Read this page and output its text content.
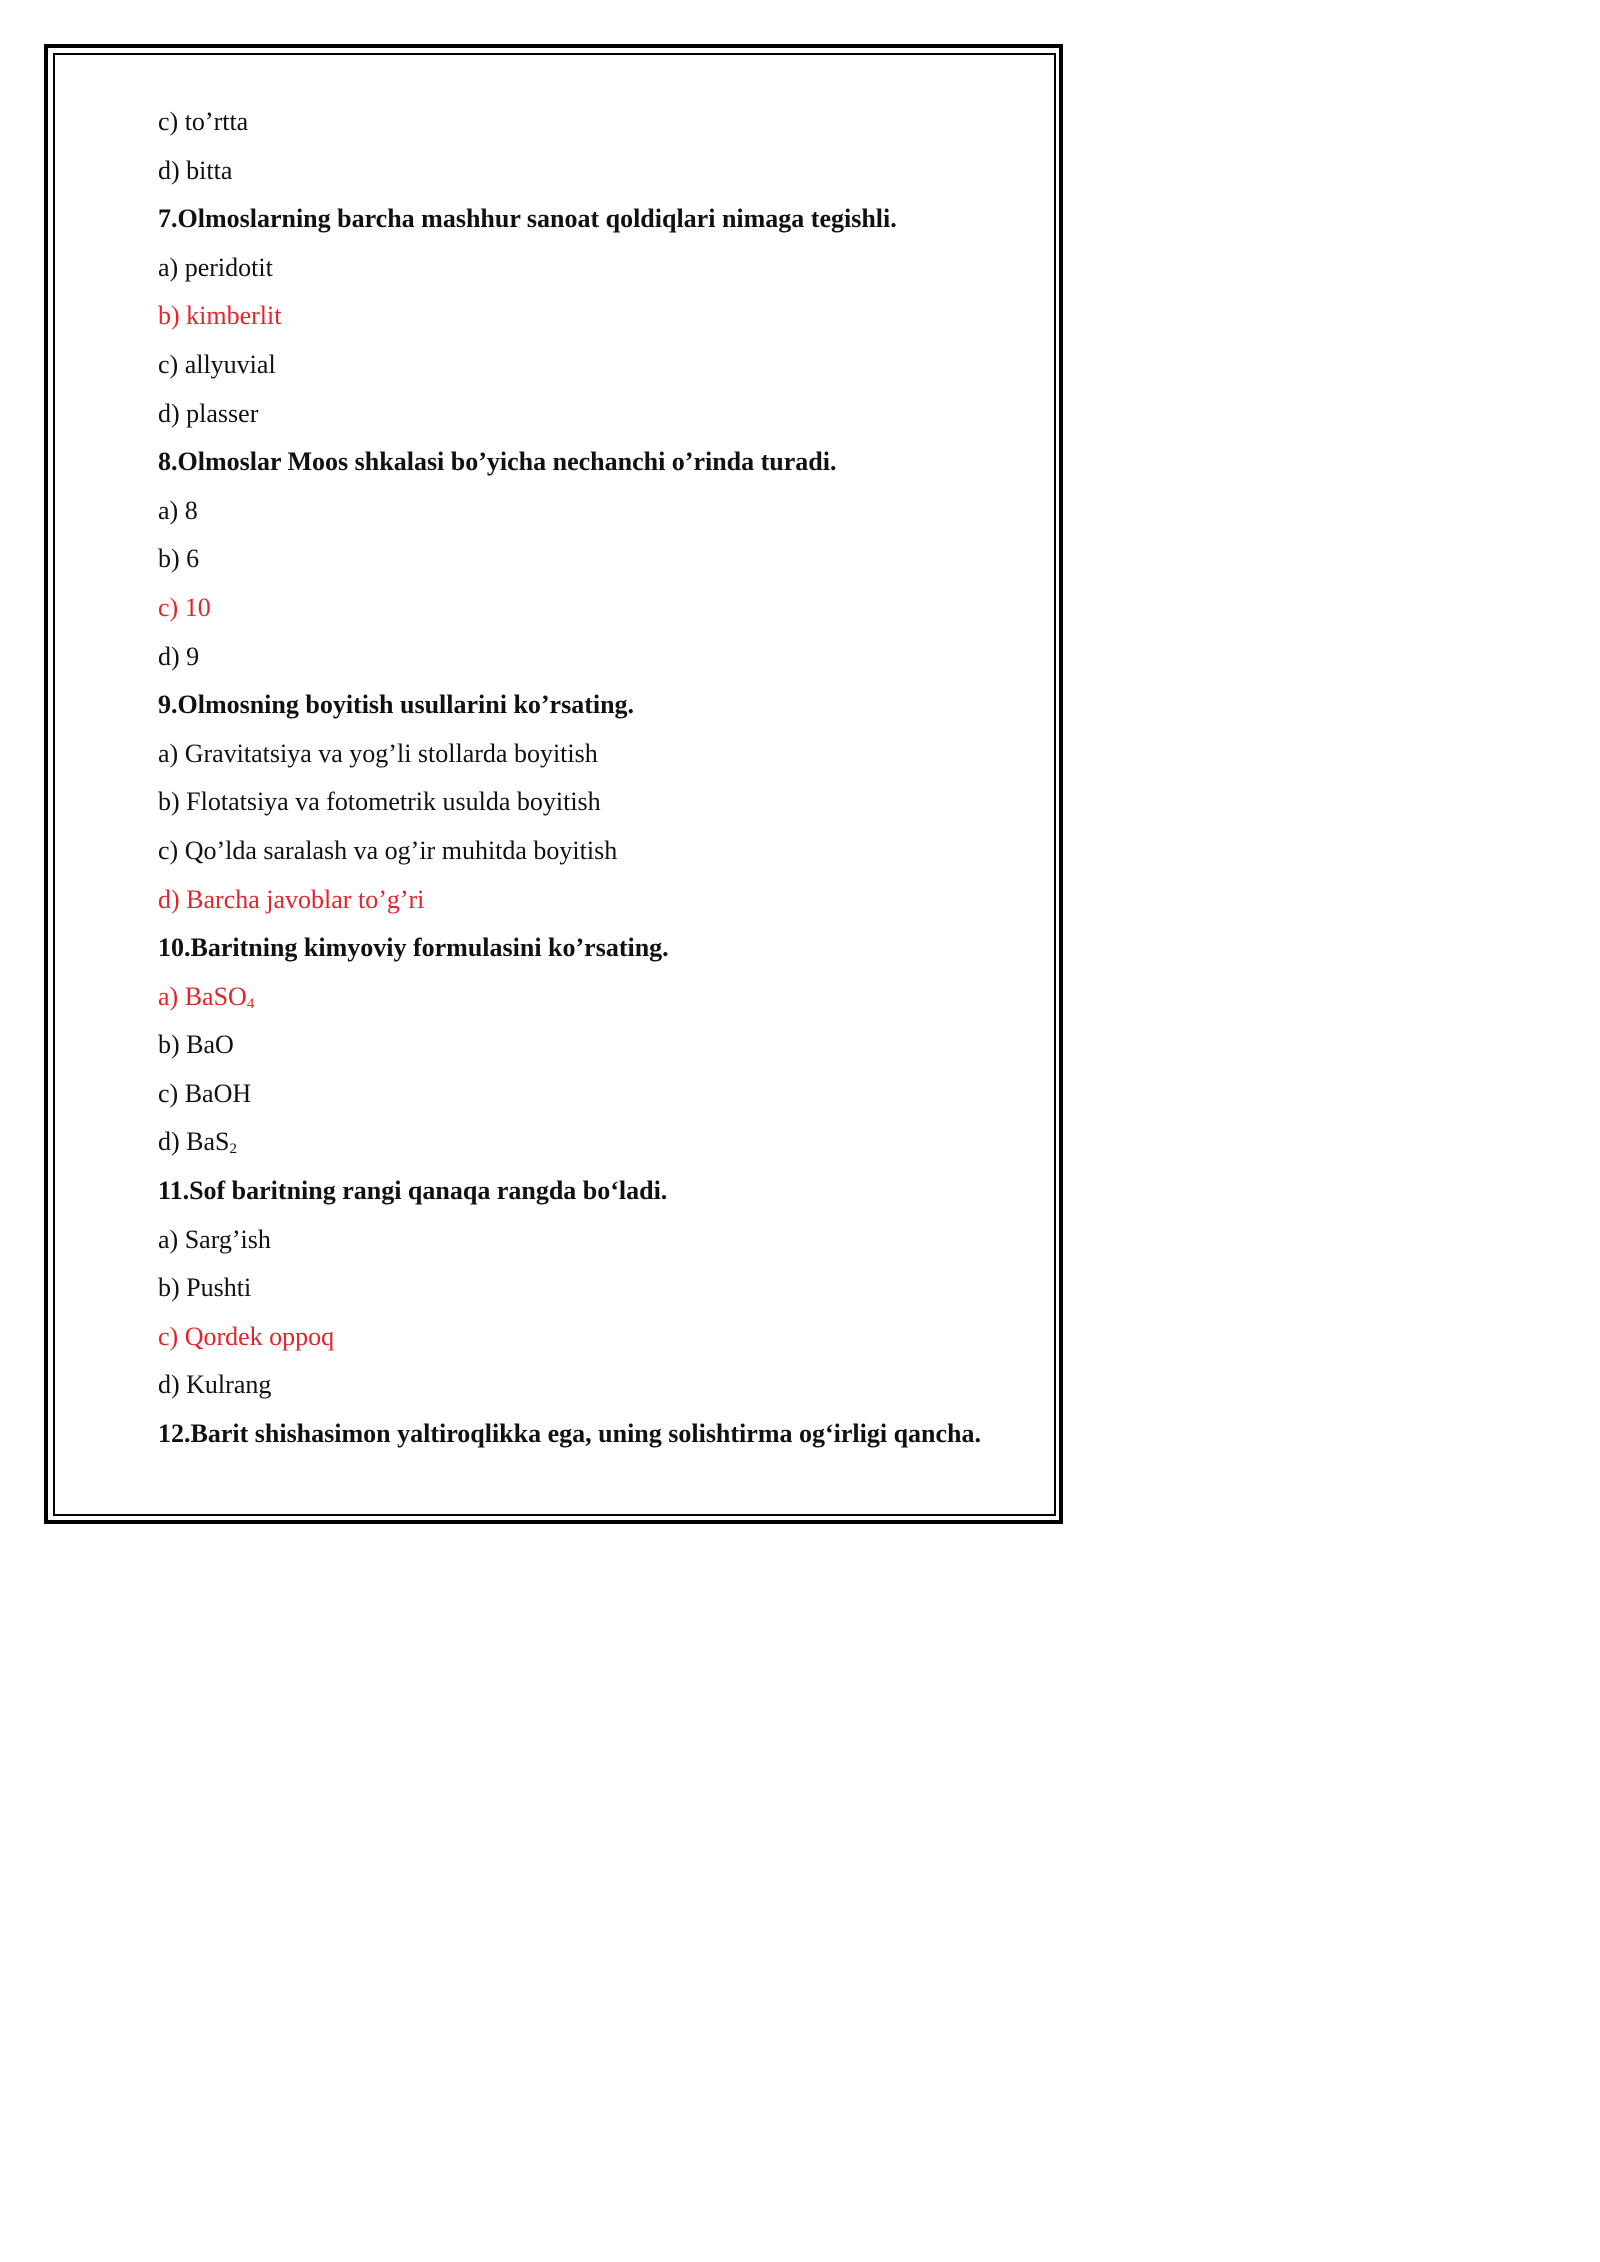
c) to’rtta
d) bitta
7.Olmoslarning barcha mashhur sanoat qoldiqlari nimaga tegishli.
a) peridotit
b) kimberlit
c) allyuvial
d) plasser
8.Olmoslar Moos shkalasi bo’yicha nechanchi o’rinda turadi.
a) 8
b) 6
c) 10
d) 9
9.Olmosning boyitish usullarini ko’rsating.
a) Gravitatsiya va yog’li stollarda boyitish
b) Flotatsiya va fotometrik usulda boyitish
c) Qo’lda saralash va og’ir muhitda boyitish
d) Barcha javoblar to’g’ri
10.Baritning kimyoviy formulasini ko’rsating.
a) BaSO$_4$
b) BaO
c) BaOH
d) BaS$_2$
11.Sof baritning rangi qanaqa rangda bo‘ladi.
a) Sarg’ish
b) Pushti
c) Qordek oppoq
d) Kulrang
12.Barit shishasimon yaltiroqlikka ega, uning solishtirma og‘irligi qancha.
